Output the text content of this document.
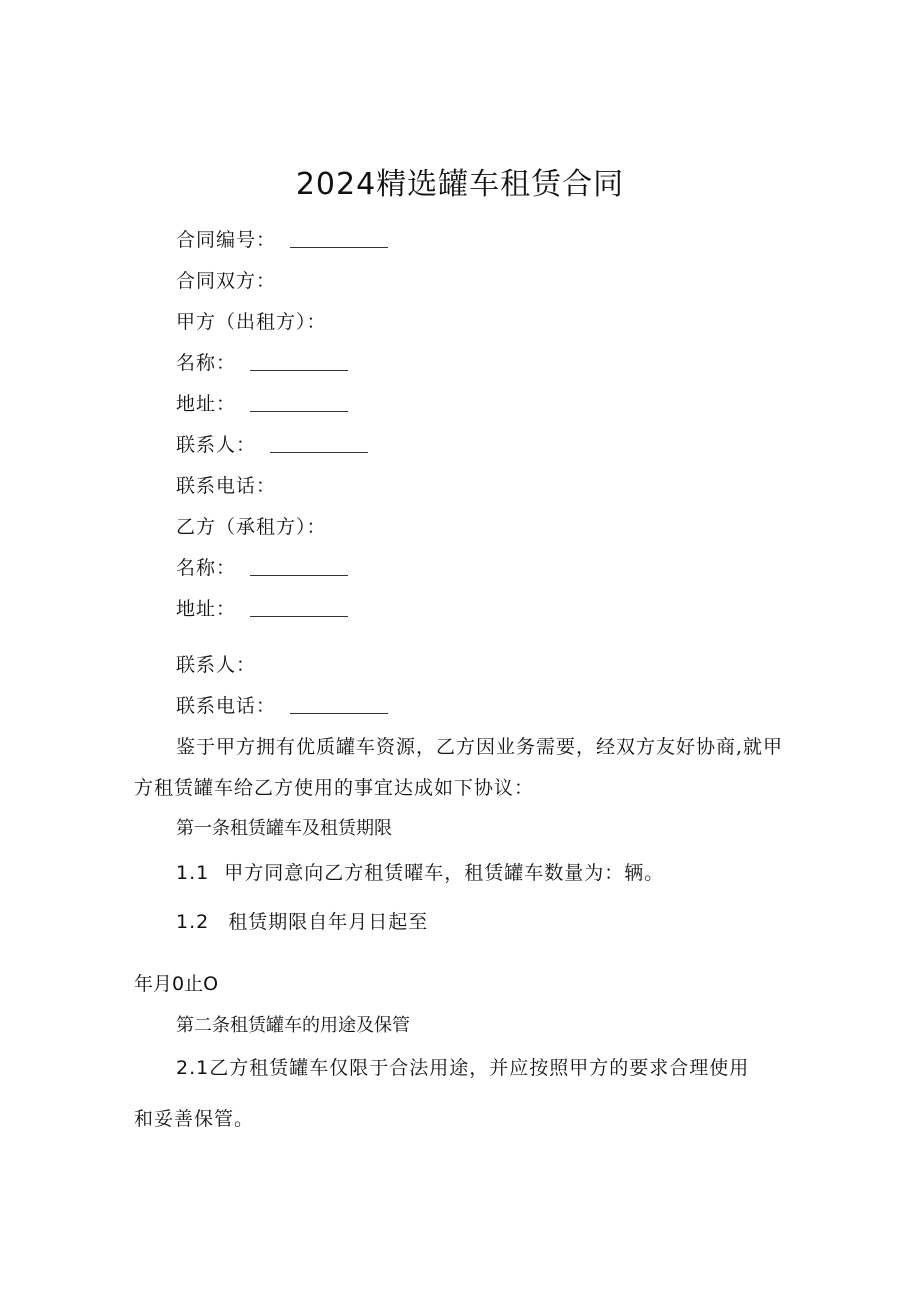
2024精选罐车租赁合同
合同编号：
合同双方：
甲方（出租方）：
名称：
地址：
联系人：
联系电话：
乙方（承租方）：
名称：
地址：
联系人：
联系电话：
鉴于甲方拥有优质罐车资源，乙方因业务需要，经双方友好协商,就甲
方租赁罐车给乙方使用的事宜达成如下协议：
第一条租赁罐车及租赁期限
1.1 甲方同意向乙方租赁曜车，租赁罐车数量为：辆。
1.2 租赁期限自年月日起至
年月0止O
第二条租赁罐车的用途及保管
2.1乙方租赁罐车仅限于合法用途，并应按照甲方的要求合理使用
和妥善保管。
